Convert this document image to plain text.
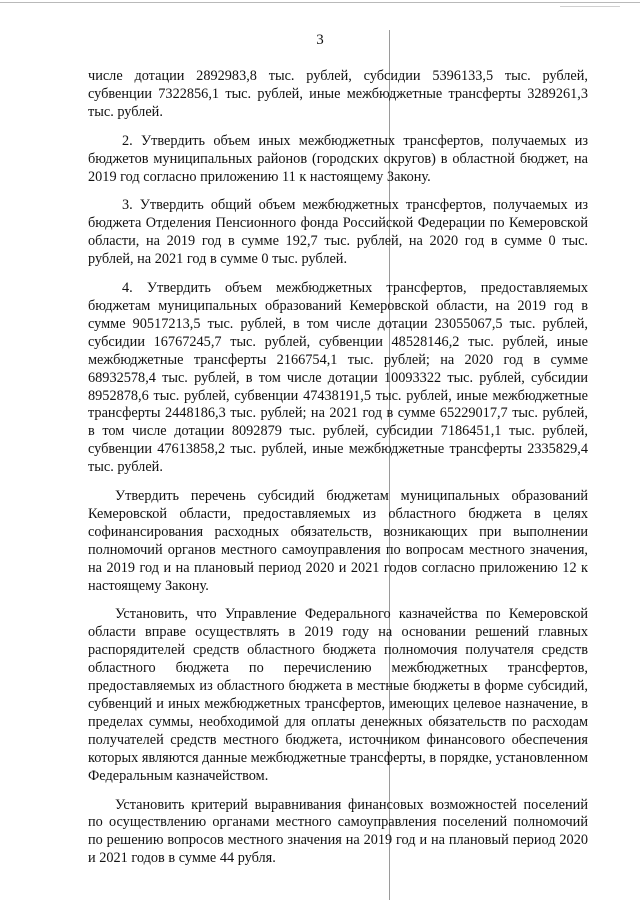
3

числе дотации 2892983,8 тыс. рублей, субсидии 5396133,5 тыс. рублей, субвенции 7322856,1 тыс. рублей, иные межбюджетные трансферты 3289261,3 тыс. рублей.

2. Утвердить объем иных межбюджетных трансфертов, получаемых из бюджетов муниципальных районов (городских округов) в областной бюджет, на 2019 год согласно приложению 11 к настоящему Закону.

3. Утвердить общий объем межбюджетных трансфертов, получаемых из бюджета Отделения Пенсионного фонда Российской Федерации по Кемеровской области, на 2019 год в сумме 192,7 тыс. рублей, на 2020 год в сумме 0 тыс. рублей, на 2021 год в сумме 0 тыс. рублей.

4. Утвердить объем межбюджетных трансфертов, предоставляемых бюджетам муниципальных образований Кемеровской области, на 2019 год в сумме 90517213,5 тыс. рублей, в том числе дотации 23055067,5 тыс. рублей, субсидии 16767245,7 тыс. рублей, субвенции 48528146,2 тыс. рублей, иные межбюджетные трансферты 2166754,1 тыс. рублей; на 2020 год в сумме 68932578,4 тыс. рублей, в том числе дотации 10093322 тыс. рублей, субсидии 8952878,6 тыс. рублей, субвенции 47438191,5 тыс. рублей, иные межбюджетные трансферты 2448186,3 тыс. рублей; на 2021 год в сумме 65229017,7 тыс. рублей, в том числе дотации 8092879 тыс. рублей, субсидии 7186451,1 тыс. рублей, субвенции 47613858,2 тыс. рублей, иные межбюджетные трансферты 2335829,4 тыс. рублей.

Утвердить перечень субсидий бюджетам муниципальных образований Кемеровской области, предоставляемых из областного бюджета в целях софинансирования расходных обязательств, возникающих при выполнении полномочий органов местного самоуправления по вопросам местного значения, на 2019 год и на плановый период 2020 и 2021 годов согласно приложению 12 к настоящему Закону.

Установить, что Управление Федерального казначейства по Кемеровской области вправе осуществлять в 2019 году на основании решений главных распорядителей средств областного бюджета полномочия получателя средств областного бюджета по перечислению межбюджетных трансфертов, предоставляемых из областного бюджета в местные бюджеты в форме субсидий, субвенций и иных межбюджетных трансфертов, имеющих целевое назначение, в пределах суммы, необходимой для оплаты денежных обязательств по расходам получателей средств местного бюджета, источником финансового обеспечения которых являются данные межбюджетные трансферты, в порядке, установленном Федеральным казначейством.

Установить критерий выравнивания финансовых возможностей поселений по осуществлению органами местного самоуправления поселений полномочий по решению вопросов местного значения на 2019 год и на плановый период 2020 и 2021 годов в сумме 44 рубля.
